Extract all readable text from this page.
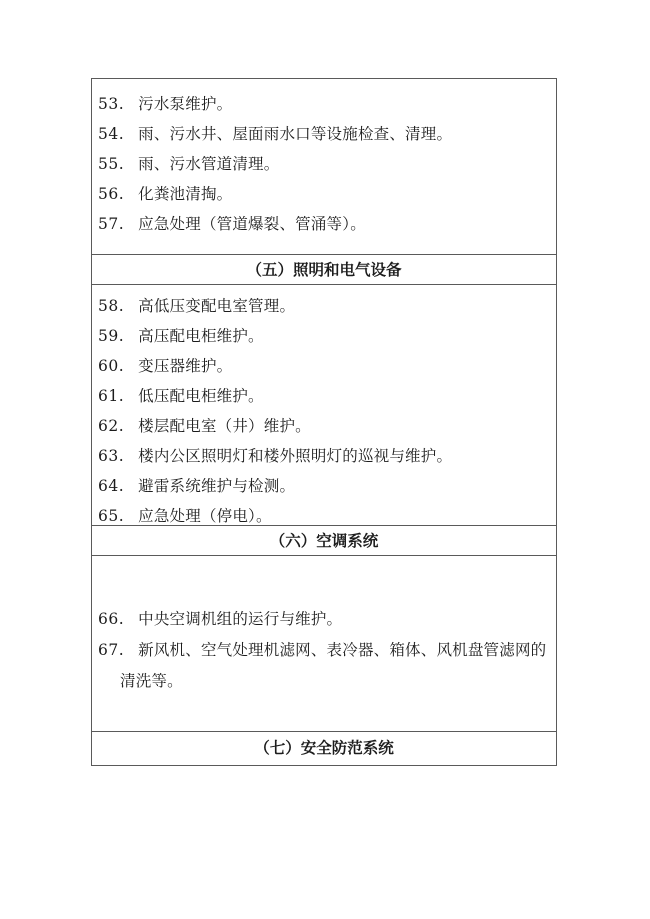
53. 污水泵维护。
54. 雨、污水井、屋面雨水口等设施检查、清理。
55. 雨、污水管道清理。
56. 化粪池清掏。
57. 应急处理（管道爆裂、管涌等）。
（五）照明和电气设备
58. 高低压变配电室管理。
59. 高压配电柜维护。
60. 变压器维护。
61. 低压配电柜维护。
62. 楼层配电室（井）维护。
63. 楼内公区照明灯和楼外照明灯的巡视与维护。
64. 避雷系统维护与检测。
65. 应急处理（停电）。
（六）空调系统
66. 中央空调机组的运行与维护。
67. 新风机、空气处理机滤网、表冷器、箱体、风机盘管滤网的清洗等。
（七）安全防范系统
